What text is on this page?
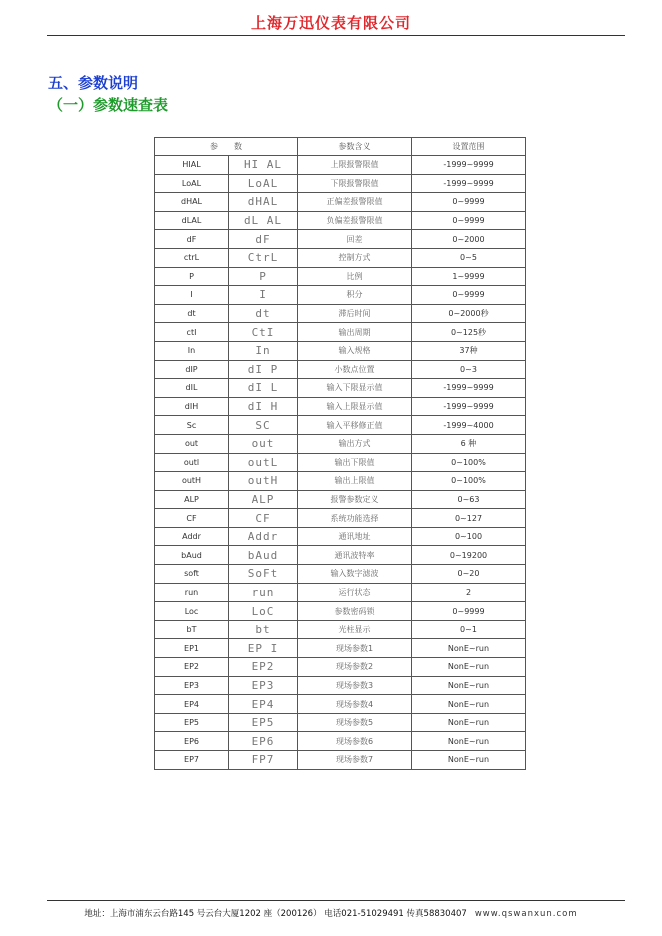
上海万迅仪表有限公司
五、参数说明
（一）参数速查表
参　　数		参数含义	设置范围
HIAL	HI AL	上限报警限值	-1999~9999
LoAL	LoAL	下限报警限值	-1999~9999
dHAL	dHAL	正偏差报警限值	0~9999
dLAL	dL AL	负偏差报警限值	0~9999
dF	dF	回差	0~2000
ctrL	CtrL	控制方式	0~5
P	P	比例	1~9999
I	I	积分	0~9999
dt	dt	滞后时间	0~2000秒
ctI	CtI	输出周期	0~125秒
In	In	输入规格	37种
dIP	dI P	小数点位置	0~3
dIL	dI L	输入下限显示值	-1999~9999
dIH	dI H	输入上限显示值	-1999~9999
Sc	SC	输入平移修正值	-1999~4000
out	out	输出方式	6 种
outl	outL	输出下限值	0~100%
outH	outH	输出上限值	0~100%
ALP	ALP	报警参数定义	0~63
CF	CF	系统功能选择	0~127
Addr	Addr	通讯地址	0~100
bAud	bAud	通讯波特率	0~19200
soft	SoFt	输入数字滤波	0~20
run	run	运行状态	2
Loc	LoC	参数密码锁	0~9999
bT	bt	光柱显示	0~1
EP1	EP I	现场参数1	NonE~run
EP2	EP2	现场参数2	NonE~run
EP3	EP3	现场参数3	NonE~run
EP4	EP4	现场参数4	NonE~run
EP5	EP5	现场参数5	NonE~run
EP6	EP6	现场参数6	NonE~run
EP7	FP7	现场参数7	NonE~run
地址：上海市浦东云台路145 号云台大厦1202 座（200126） 电话021-51029491 传真58830407 www.qswanxun.com
